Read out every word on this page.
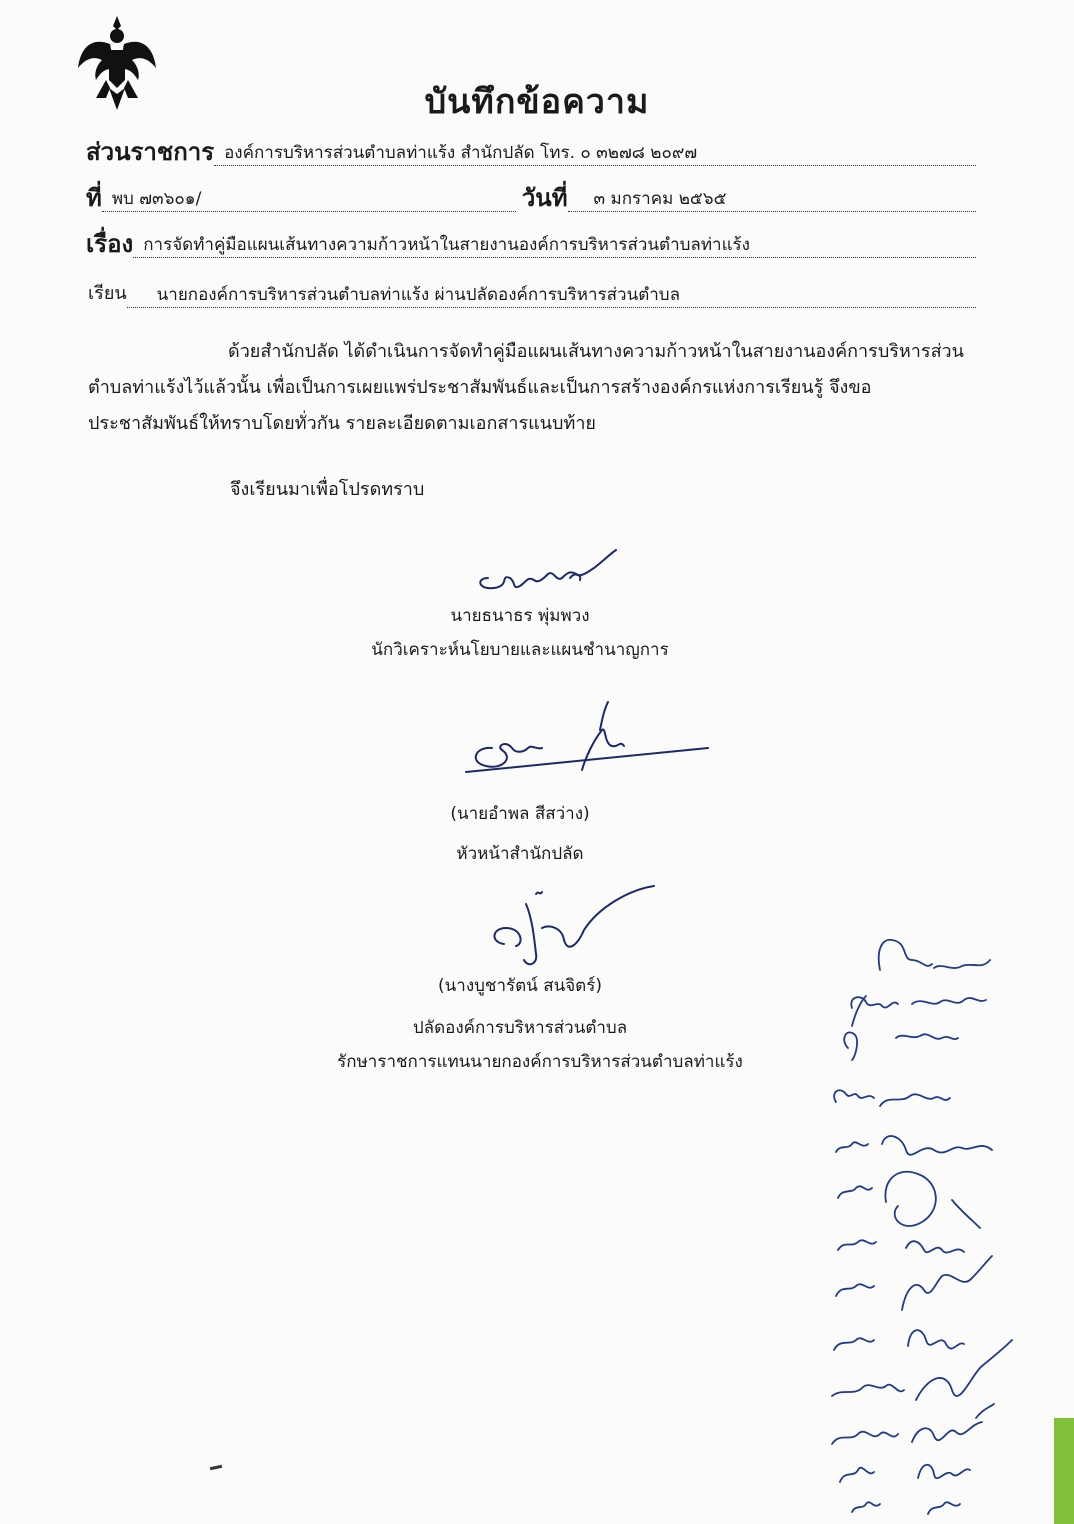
บันทึกข้อความ
ส่วนราชการ องค์การบริหารส่วนตำบลท่าแร้ง สำนักปลัด โทร. ๐ ๓๒๗๘ ๒๐๙๗
ที่ พบ ๗๓๖๐๑/	วันที่	๓ มกราคม ๒๕๖๕
เรื่อง การจัดทำคู่มือแผนเส้นทางความก้าวหน้าในสายงานองค์การบริหารส่วนตำบลท่าแร้ง
เรียน	นายกองค์การบริหารส่วนตำบลท่าแร้ง ผ่านปลัดองค์การบริหารส่วนตำบล
ด้วยสำนักปลัด ได้ดำเนินการจัดทำคู่มือแผนเส้นทางความก้าวหน้าในสายงานองค์การบริหารส่วนตำบลท่าแร้งไว้แล้วนั้น เพื่อเป็นการเผยแพร่ประชาสัมพันธ์และเป็นการสร้างองค์กรแห่งการเรียนรู้ จึงขอประชาสัมพันธ์ให้ทราบโดยทั่วกัน รายละเอียดตามเอกสารแนบท้าย
จึงเรียนมาเพื่อโปรดทราบ
นายธนาธร พุ่มพวง
นักวิเคราะห์นโยบายและแผนชำนาญการ
(นายอำพล สีสว่าง)
หัวหน้าสำนักปลัด
(นางบูชารัตน์ สนจิตร์)
ปลัดองค์การบริหารส่วนตำบล
รักษาราชการแทนนายกองค์การบริหารส่วนตำบลท่าแร้ง
